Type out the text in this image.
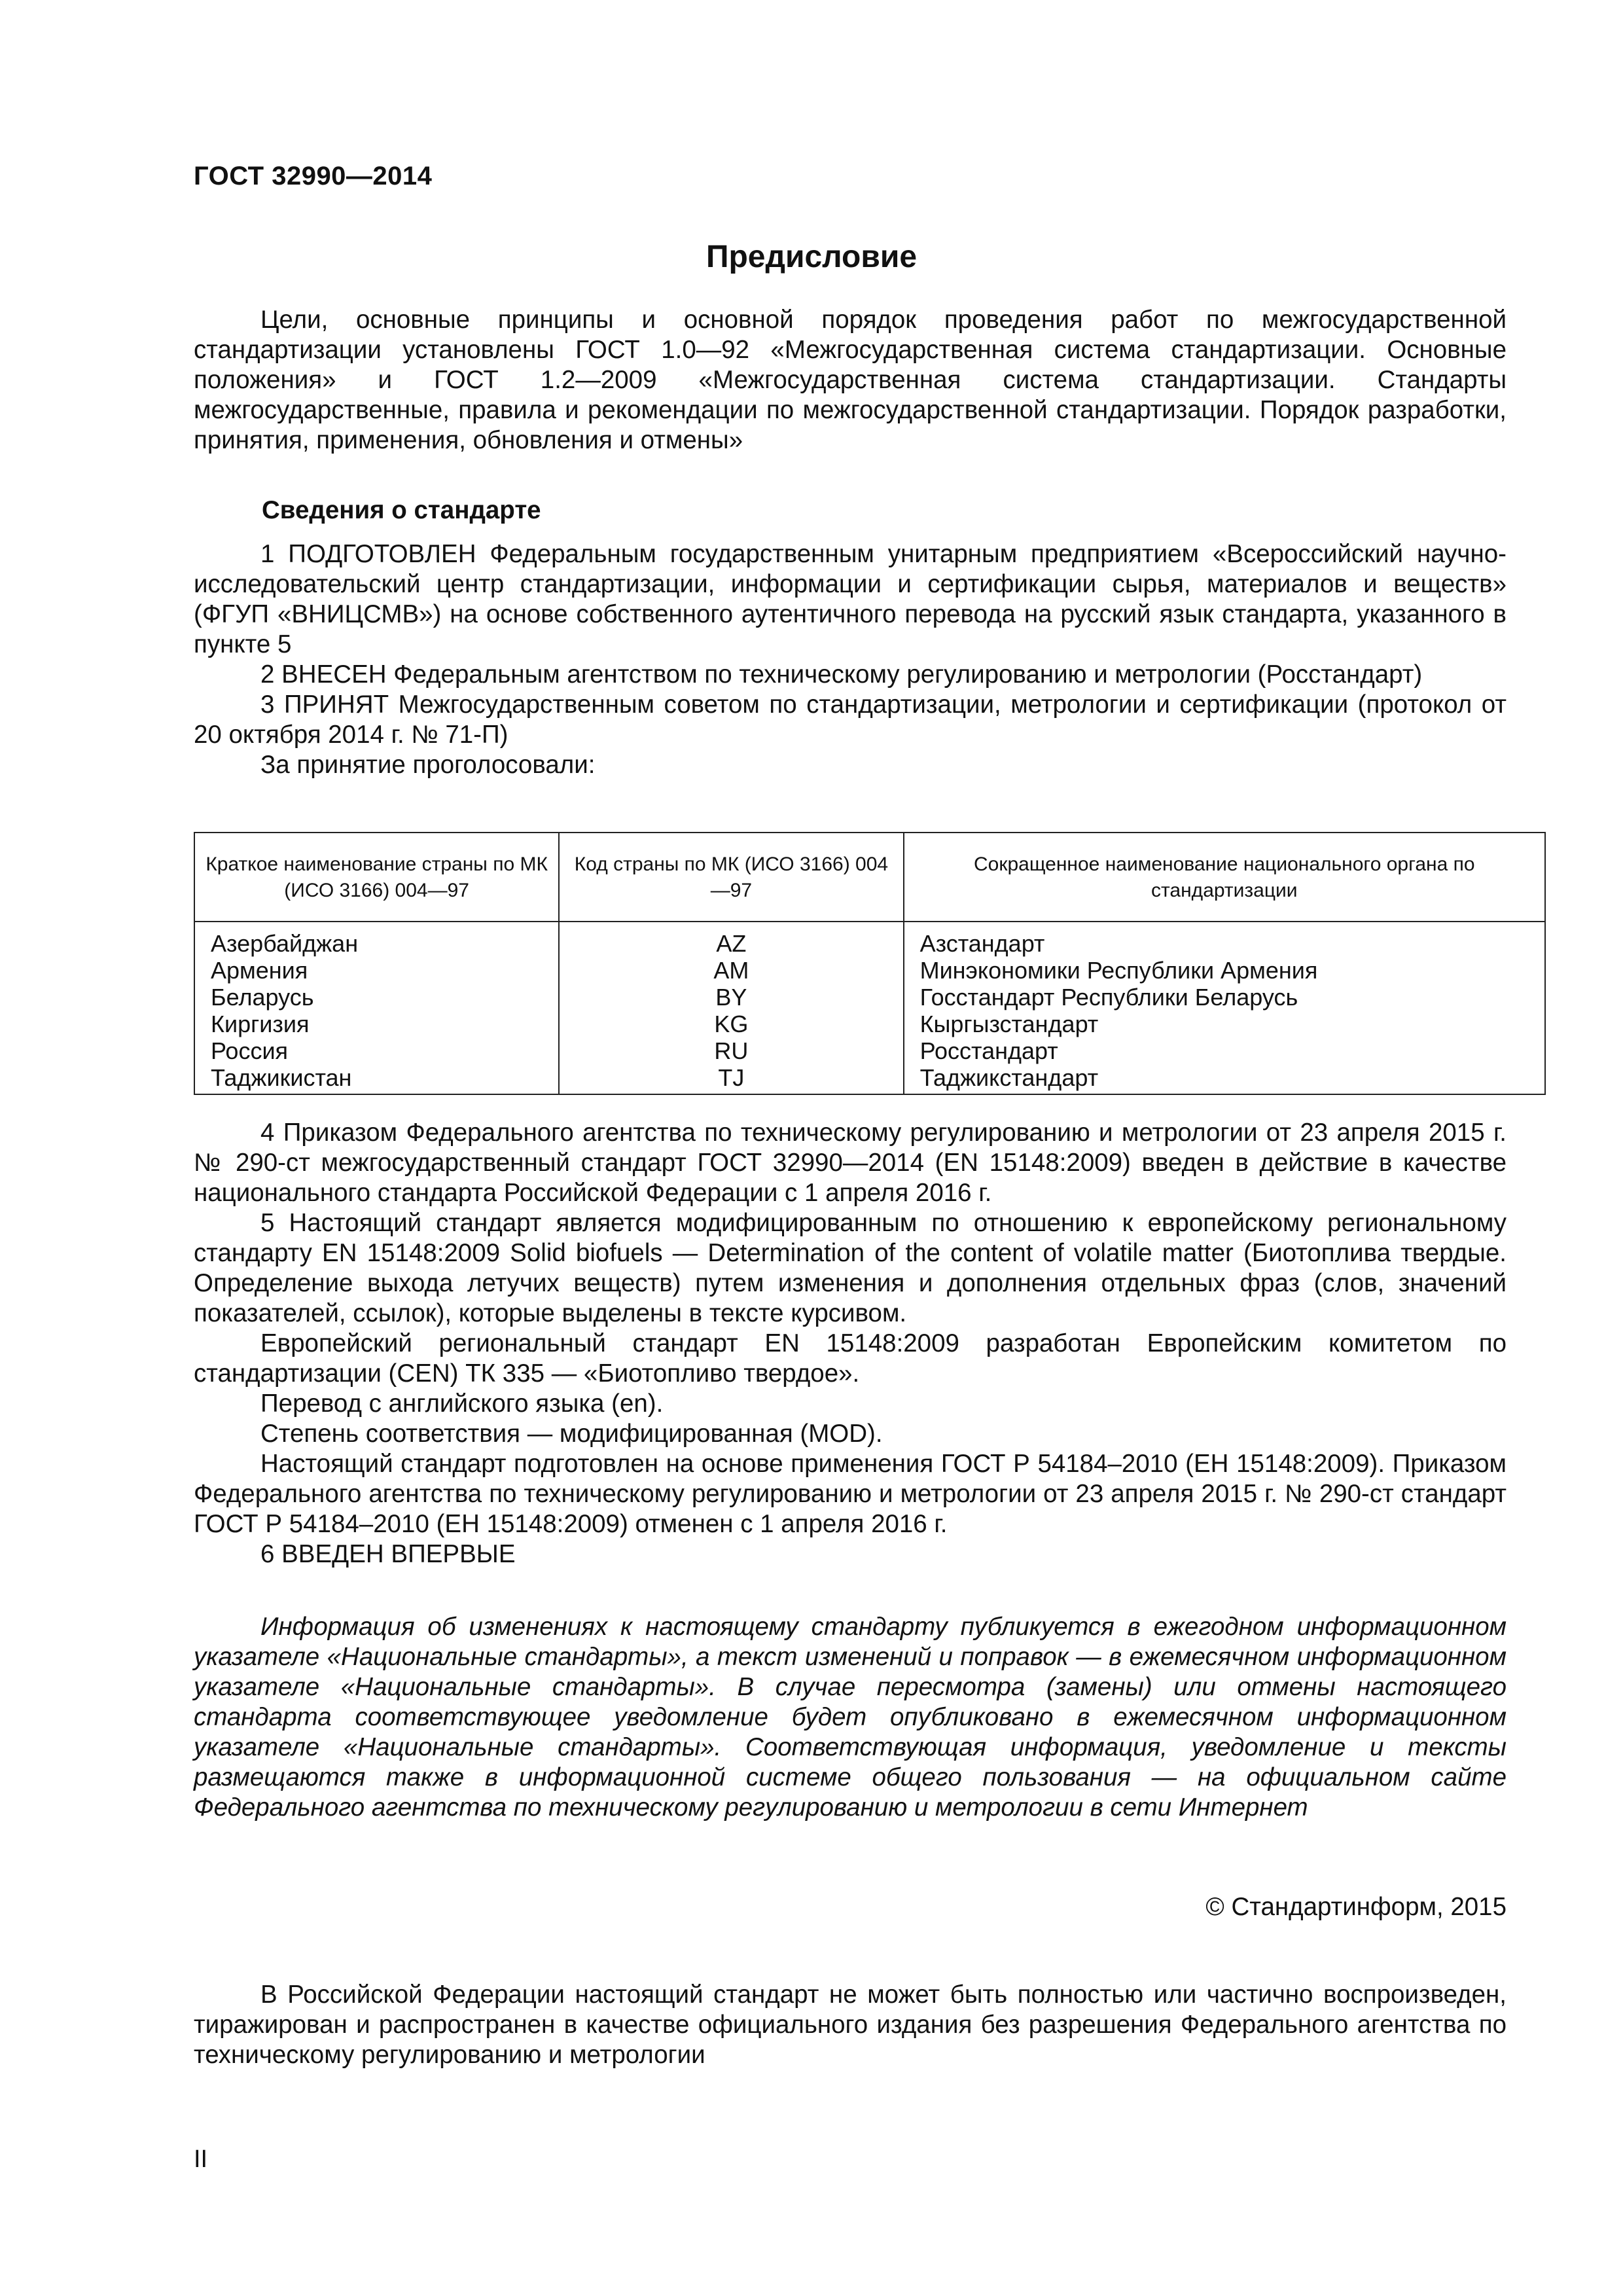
ГОСТ 32990—2014
Предисловие

Цели, основные принципы и основной порядок проведения работ по межгосударственной стандартизации установлены ГОСТ 1.0—92 «Межгосударственная система стандартизации. Основные положения» и ГОСТ 1.2—2009 «Межгосударственная система стандартизации. Стандарты межгосударственные, правила и рекомендации по межгосударственной стандартизации. Порядок разработки, принятия, применения, обновления и отмены»

Сведения о стандарте

1 ПОДГОТОВЛЕН Федеральным государственным унитарным предприятием «Всероссийский научно-исследовательский центр стандартизации, информации и сертификации сырья, материалов и веществ» (ФГУП «ВНИЦСМВ») на основе собственного аутентичного перевода на русский язык стандарта, указанного в пункте 5

2 ВНЕСЕН Федеральным агентством по техническому регулированию и метрологии (Росстандарт)

3 ПРИНЯТ Межгосударственным советом по стандартизации, метрологии и сертификации (протокол от 20 октября 2014 г. № 71-П)

За принятие проголосовали:

Краткое наименование страны по МК (ИСО 3166) 004—97	Код страны по МК (ИСО 3166) 004—97	Сокращенное наименование национального органа по стандартизации
Азербайджан	AZ	Азстандарт
Армения	AM	Минэкономики Республики Армения
Беларусь	BY	Госстандарт Республики Беларусь
Киргизия	KG	Кыргызстандарт
Россия	RU	Росстандарт
Таджикистан	TJ	Таджикстандарт

4 Приказом Федерального агентства по техническому регулированию и метрологии от 23 апреля 2015 г. № 290-ст межгосударственный стандарт ГОСТ 32990—2014 (EN 15148:2009) введен в действие в качестве национального стандарта Российской Федерации с 1 апреля 2016 г.

5 Настоящий стандарт является модифицированным по отношению к европейскому региональному стандарту EN 15148:2009 Solid biofuels — Determination of the content of volatile matter (Биотоплива твердые. Определение выхода летучих веществ) путем изменения и дополнения отдельных фраз (слов, значений показателей, ссылок), которые выделены в тексте курсивом.

Европейский региональный стандарт EN 15148:2009 разработан Европейским комитетом по стандартизации (CEN) ТК 335 — «Биотопливо твердое».

Перевод с английского языка (en).

Степень соответствия — модифицированная (MOD).

Настоящий стандарт подготовлен на основе применения ГОСТ Р 54184–2010 (ЕН 15148:2009). Приказом Федерального агентства по техническому регулированию и метрологии от 23 апреля 2015 г. № 290-ст стандарт ГОСТ Р 54184–2010 (ЕН 15148:2009) отменен с 1 апреля 2016 г.

6 ВВЕДЕН ВПЕРВЫЕ

Информация об изменениях к настоящему стандарту публикуется в ежегодном информационном указателе «Национальные стандарты», а текст изменений и поправок — в ежемесячном информационном указателе «Национальные стандарты». В случае пересмотра (замены) или отмены настоящего стандарта соответствующее уведомление будет опубликовано в ежемесячном информационном указателе «Национальные стандарты». Соответствующая информация, уведомление и тексты размещаются также в информационной системе общего пользования — на официальном сайте Федерального агентства по техническому регулированию и метрологии в сети Интернет

© Стандартинформ, 2015

В Российской Федерации настоящий стандарт не может быть полностью или частично воспроизведен, тиражирован и распространен в качестве официального издания без разрешения Федерального агентства по техническому регулированию и метрологии

II
